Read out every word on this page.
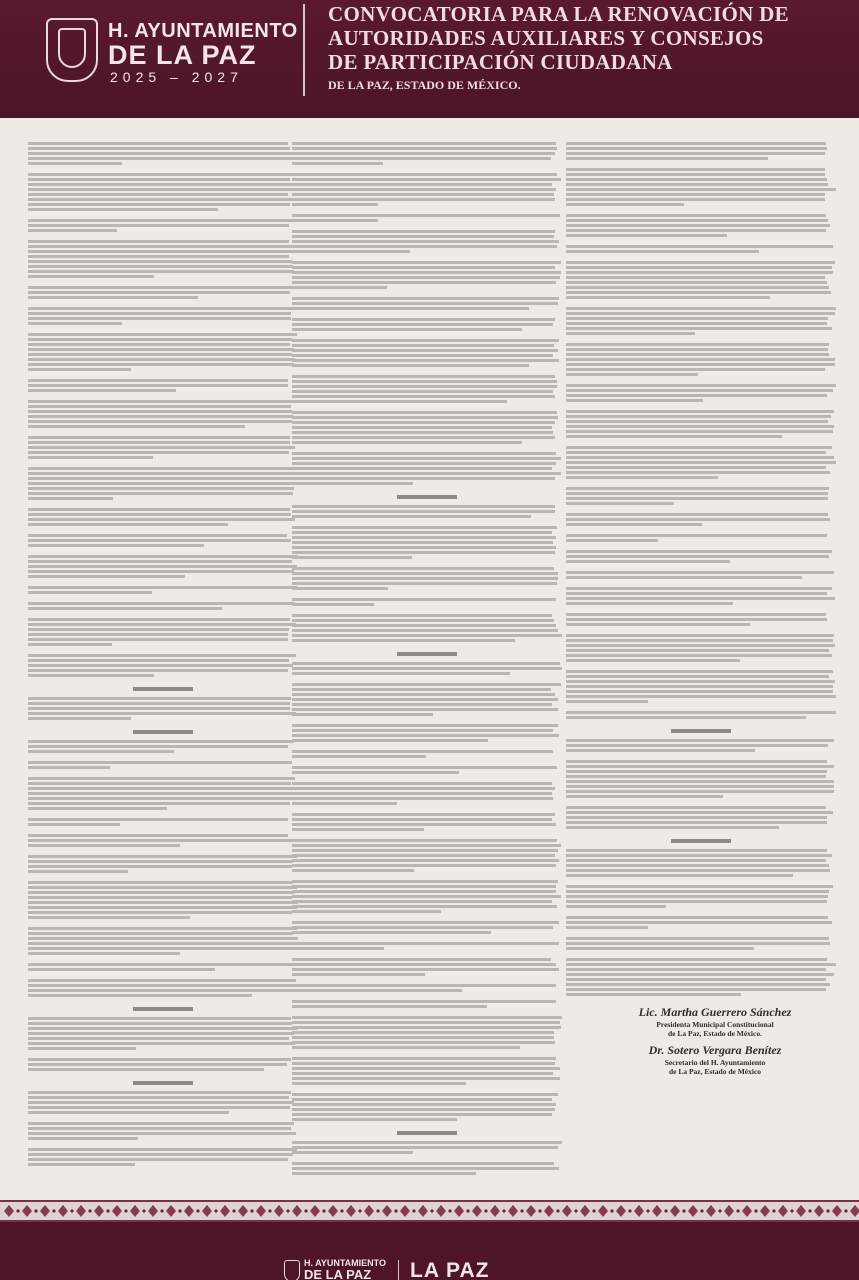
H. AYUNTAMIENTO
DE LA PAZ
2025 – 2027
CONVOCATORIA PARA LA RENOVACIÓN DE
AUTORIDADES AUXILIARES Y CONSEJOS
DE PARTICIPACIÓN CIUDADANA
DE LA PAZ, ESTADO DE MÉXICO.
Lic. Martha Guerrero Sánchez
Presidenta Municipal Constitucional
de La Paz, Estado de México.
Dr. Sotero Vergara Benítez
Secretario del H. Ayuntamiento
de La Paz, Estado de México
H. AYUNTAMIENTO
DE LA PAZ LA PAZ
